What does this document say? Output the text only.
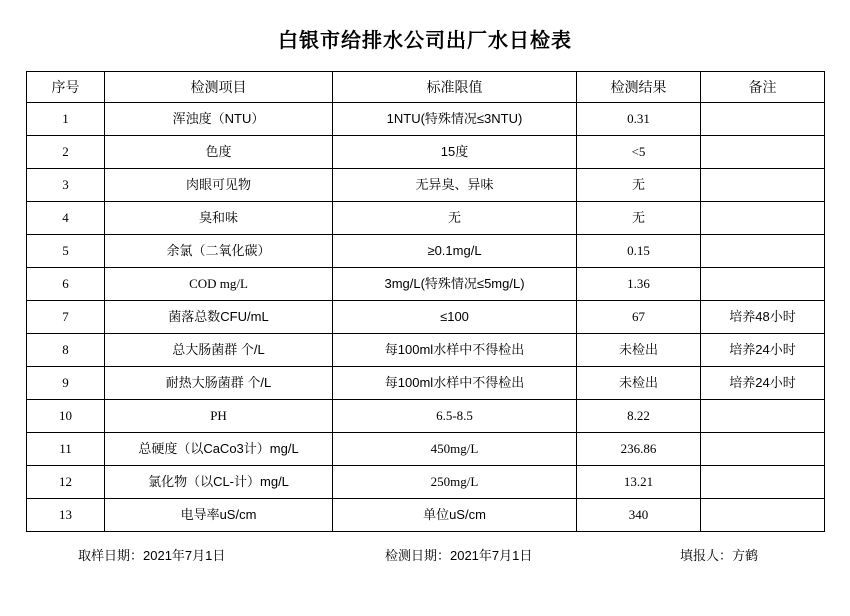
白银市给排水公司出厂水日检表
序号	检测项目	标准限值	检测结果	备注

1	浑浊度（NTU）	1NTU(特殊情况≤3NTU)	0.31	

2	色度	15度	<5	

3	肉眼可见物	无异臭、异味	无	

4	臭和味	无	无	

5	余氯（二氧化碳）	≥0.1mg/L	0.15	

6	COD mg/L	3mg/L(特殊情况≤5mg/L)	1.36	

7	菌落总数CFU/mL	≤100	67	培养48小时

8	总大肠菌群 个/L	每100ml水样中不得检出	未检出	培养24小时

9	耐热大肠菌群 个/L	每100ml水样中不得检出	未检出	培养24小时

10	PH	6.5-8.5	8.22	

11	总硬度（以CaCo3计）mg/L	450mg/L	236.86	

12	氯化物（以CL-计）mg/L	250mg/L	13.21	

13	电导率uS/cm	单位uS/cm	340	

取样日期：2021年7月1日	检测日期：2021年7月1日	填报人：方鹤
